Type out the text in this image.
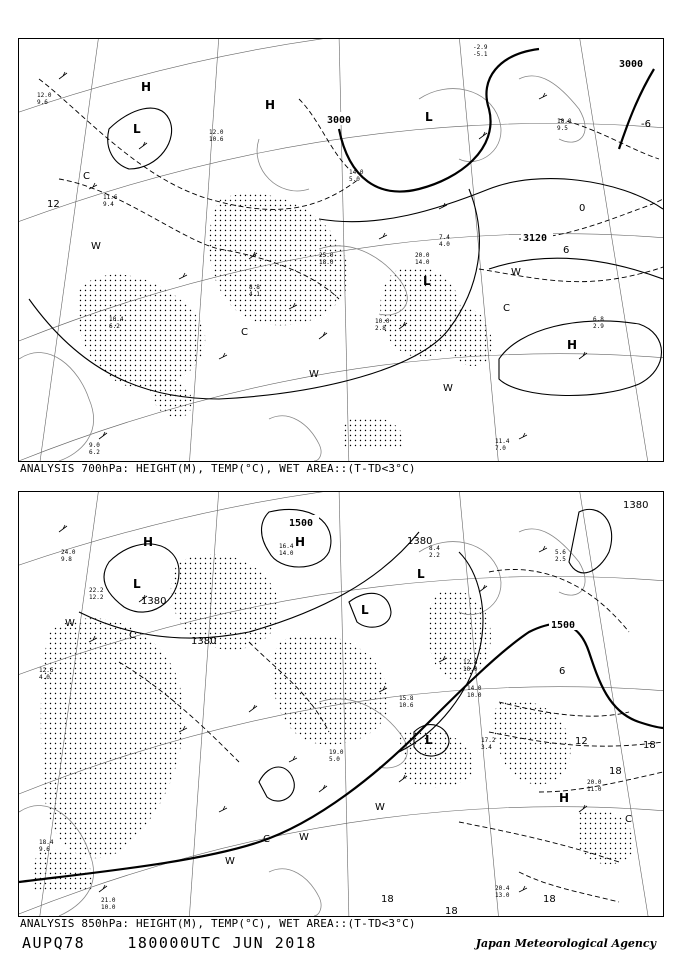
12.0
9.6
9.0
6.2
11.6
9.4
20.0
14.0
6.8
2.9
11.4
7.0
10.0
2.8
18.0
9.5
-2.9
-5.1
25.0
18.0
12.0
10.6
14.0
5.0
7.4
4.0
10.4
6.2
8.8
4.1
3000
3000
3120
-6
0
6
12
H
H
H
L
L
L
C
C
C
W
W
W
W
ANALYSIS 700hPa: HEIGHT(M), TEMP(°C), WET AREA::(T-TD<3°C)
24.0
9.8
12.6
4.0
14.0
10.0
20.0
11.0
17.2
3.4
21.0
10.0
20.4
13.0
15.8
10.6
19.0
5.0
12.8
10.0
5.6
2.5
16.4
14.0
18.4
9.6
22.2
12.2
8.4
2.2
1500
1500
1380
1380
1380
1380
6
12	18
18
18	18
18
H	H
H
L
L
L
L
C
C
C
W
W
W
W
ANALYSIS 850hPa: HEIGHT(M), TEMP(°C), WET AREA::(T-TD<3°C)
AUPQ78	180000UTC JUN 2018	Japan Meteorological Agency
